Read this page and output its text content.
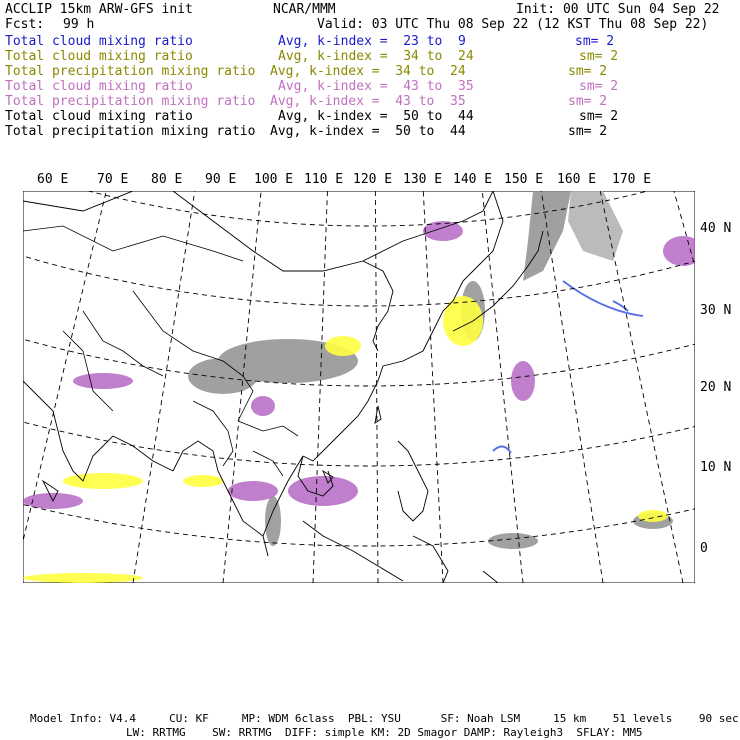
ACCLIP 15km ARW-GFS init	NCAR/MMM	Init: 00 UTC Sun 04 Sep 22
Fcst: 99 h	Valid: 03 UTC Thu 08 Sep 22 (12 KST Thu 08 Sep 22)
Total cloud mixing ratio	Avg, k-index =  23 to  9	sm= 2
Total cloud mixing ratio	Avg, k-index =  34 to  24	sm= 2
Total precipitation mixing ratio Avg, k-index =  34 to  24	sm= 2
Total cloud mixing ratio	Avg, k-index =  43 to  35	sm= 2
Total precipitation mixing ratio Avg, k-index =  43 to  35	sm= 2
Total cloud mixing ratio	Avg, k-index =  50 to  44	sm= 2
Total precipitation mixing ratio Avg, k-index =  50 to  44	sm= 2
60 E 70 E 80 E 90 E 100 E 110 E 120 E 130 E 140 E 150 E 160 E 170 E
40 N
30 N
20 N
10 N
0
Model Info: V4.4     CU: KF     MP: WDM 6class  PBL: YSU      SF: Noah LSM     15 km    51 levels    90 sec
LW: RRTMG    SW: RRTMG  DIFF: simple KM: 2D Smagor DAMP: Rayleigh3  SFLAY: MM5
